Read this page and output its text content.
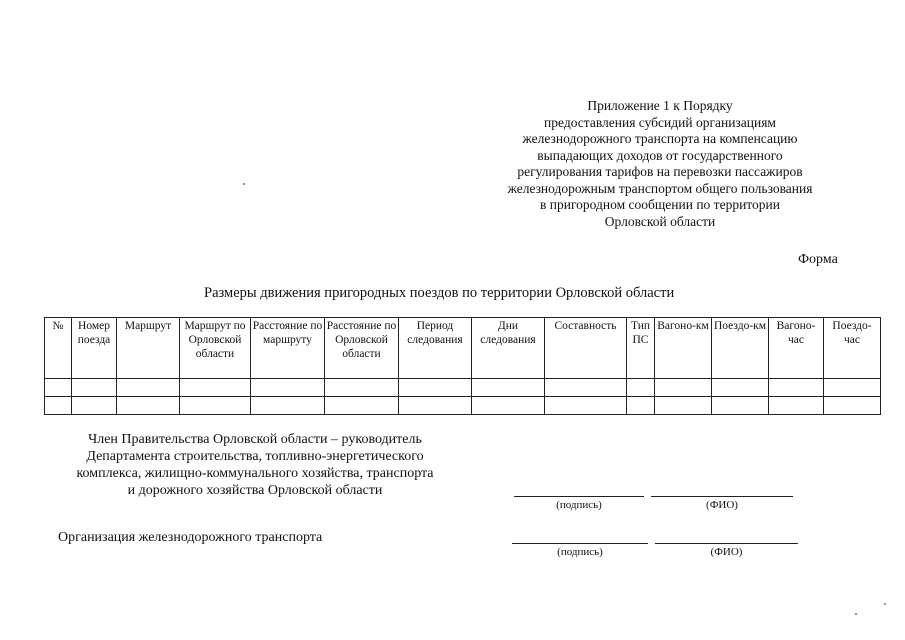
Приложение 1 к Порядку
предоставления субсидий организациям
железнодорожного транспорта на компенсацию
выпадающих доходов от государственного
регулирования тарифов на перевозки пассажиров
железнодорожным транспортом общего пользования
в пригородном сообщении по территории
Орловской области
Форма
Размеры движения пригородных поездов по территории Орловской области
№	Номер поезда	Маршрут	Маршрут по Орловской области	Расстояние по маршруту	Расстояние по Орловской области	Период следования	Дни следования	Составность	Тип ПС	Вагоно-км	Поездо-км	Вагоно-час	Поездо-час

Член Правительства Орловской области – руководитель
Департамента строительства, топливно-энергетического
комплекса, жилищно-коммунального хозяйства, транспорта
и дорожного хозяйства Орловской области
(подпись)	(ФИО)
Организация железнодорожного транспорта
(подпись)	(ФИО)
